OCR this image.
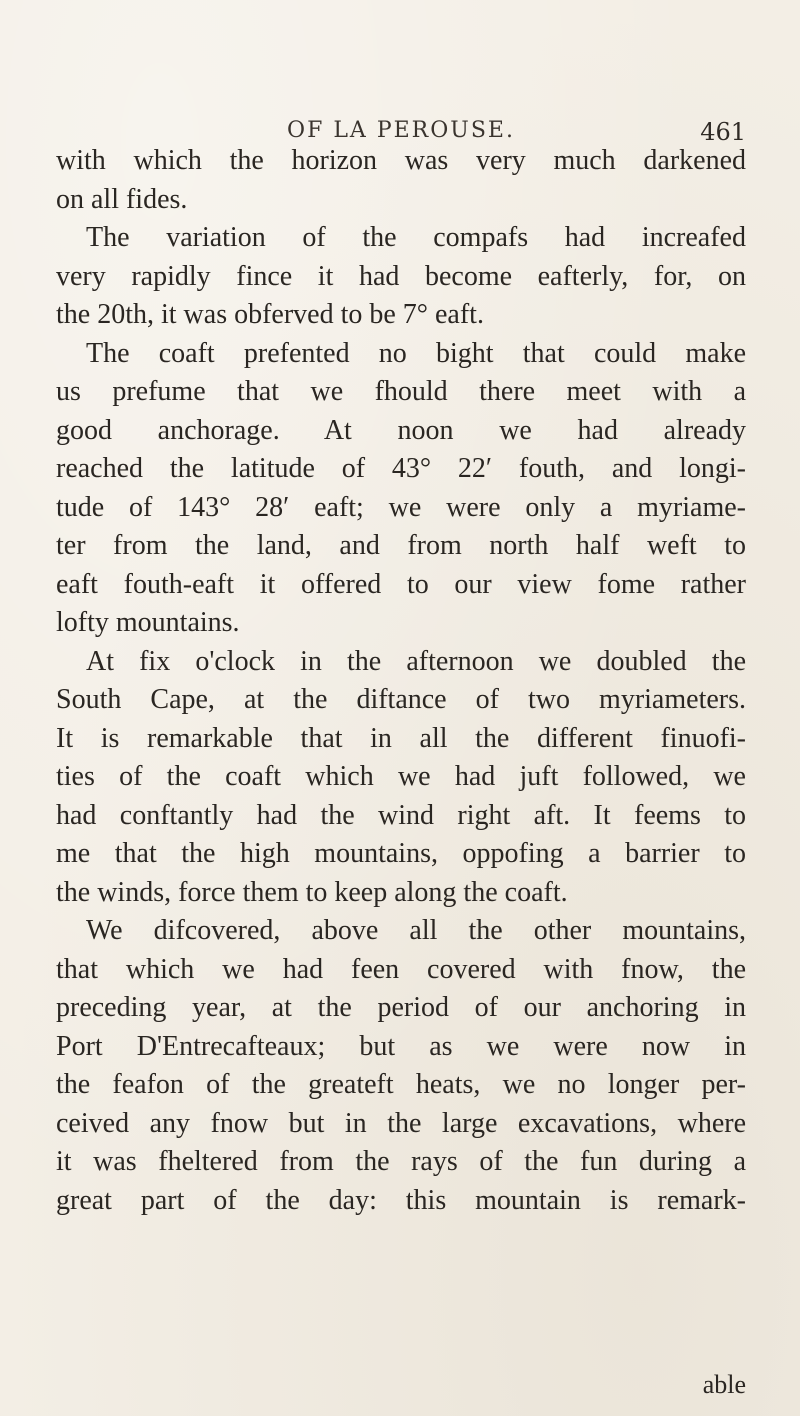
OF LA PEROUSE.	461
with which the horizon was very much darkened
on all fides.
The variation of the compafs had increafed
very rapidly fince it had become eafterly, for, on
the 20th, it was obferved to be 7° eaft.
The coaft prefented no bight that could make
us prefume that we fhould there meet with a
good anchorage. At noon we had already
reached the latitude of 43° 22′ fouth, and longi-
tude of 143° 28′ eaft; we were only a myriame-
ter from the land, and from north half weft to
eaft fouth-eaft it offered to our view fome rather
lofty mountains.
At fix o'clock in the afternoon we doubled the
South Cape, at the diftance of two myriameters.
It is remarkable that in all the different finuofi-
ties of the coaft which we had juft followed, we
had conftantly had the wind right aft. It feems to
me that the high mountains, oppofing a barrier to
the winds, force them to keep along the coaft.
We difcovered, above all the other mountains,
that which we had feen covered with fnow, the
preceding year, at the period of our anchoring in
Port D'Entrecafteaux; but as we were now in
the feafon of the greateft heats, we no longer per-
ceived any fnow but in the large excavations, where
it was fheltered from the rays of the fun during a
great part of the day: this mountain is remark-
able
